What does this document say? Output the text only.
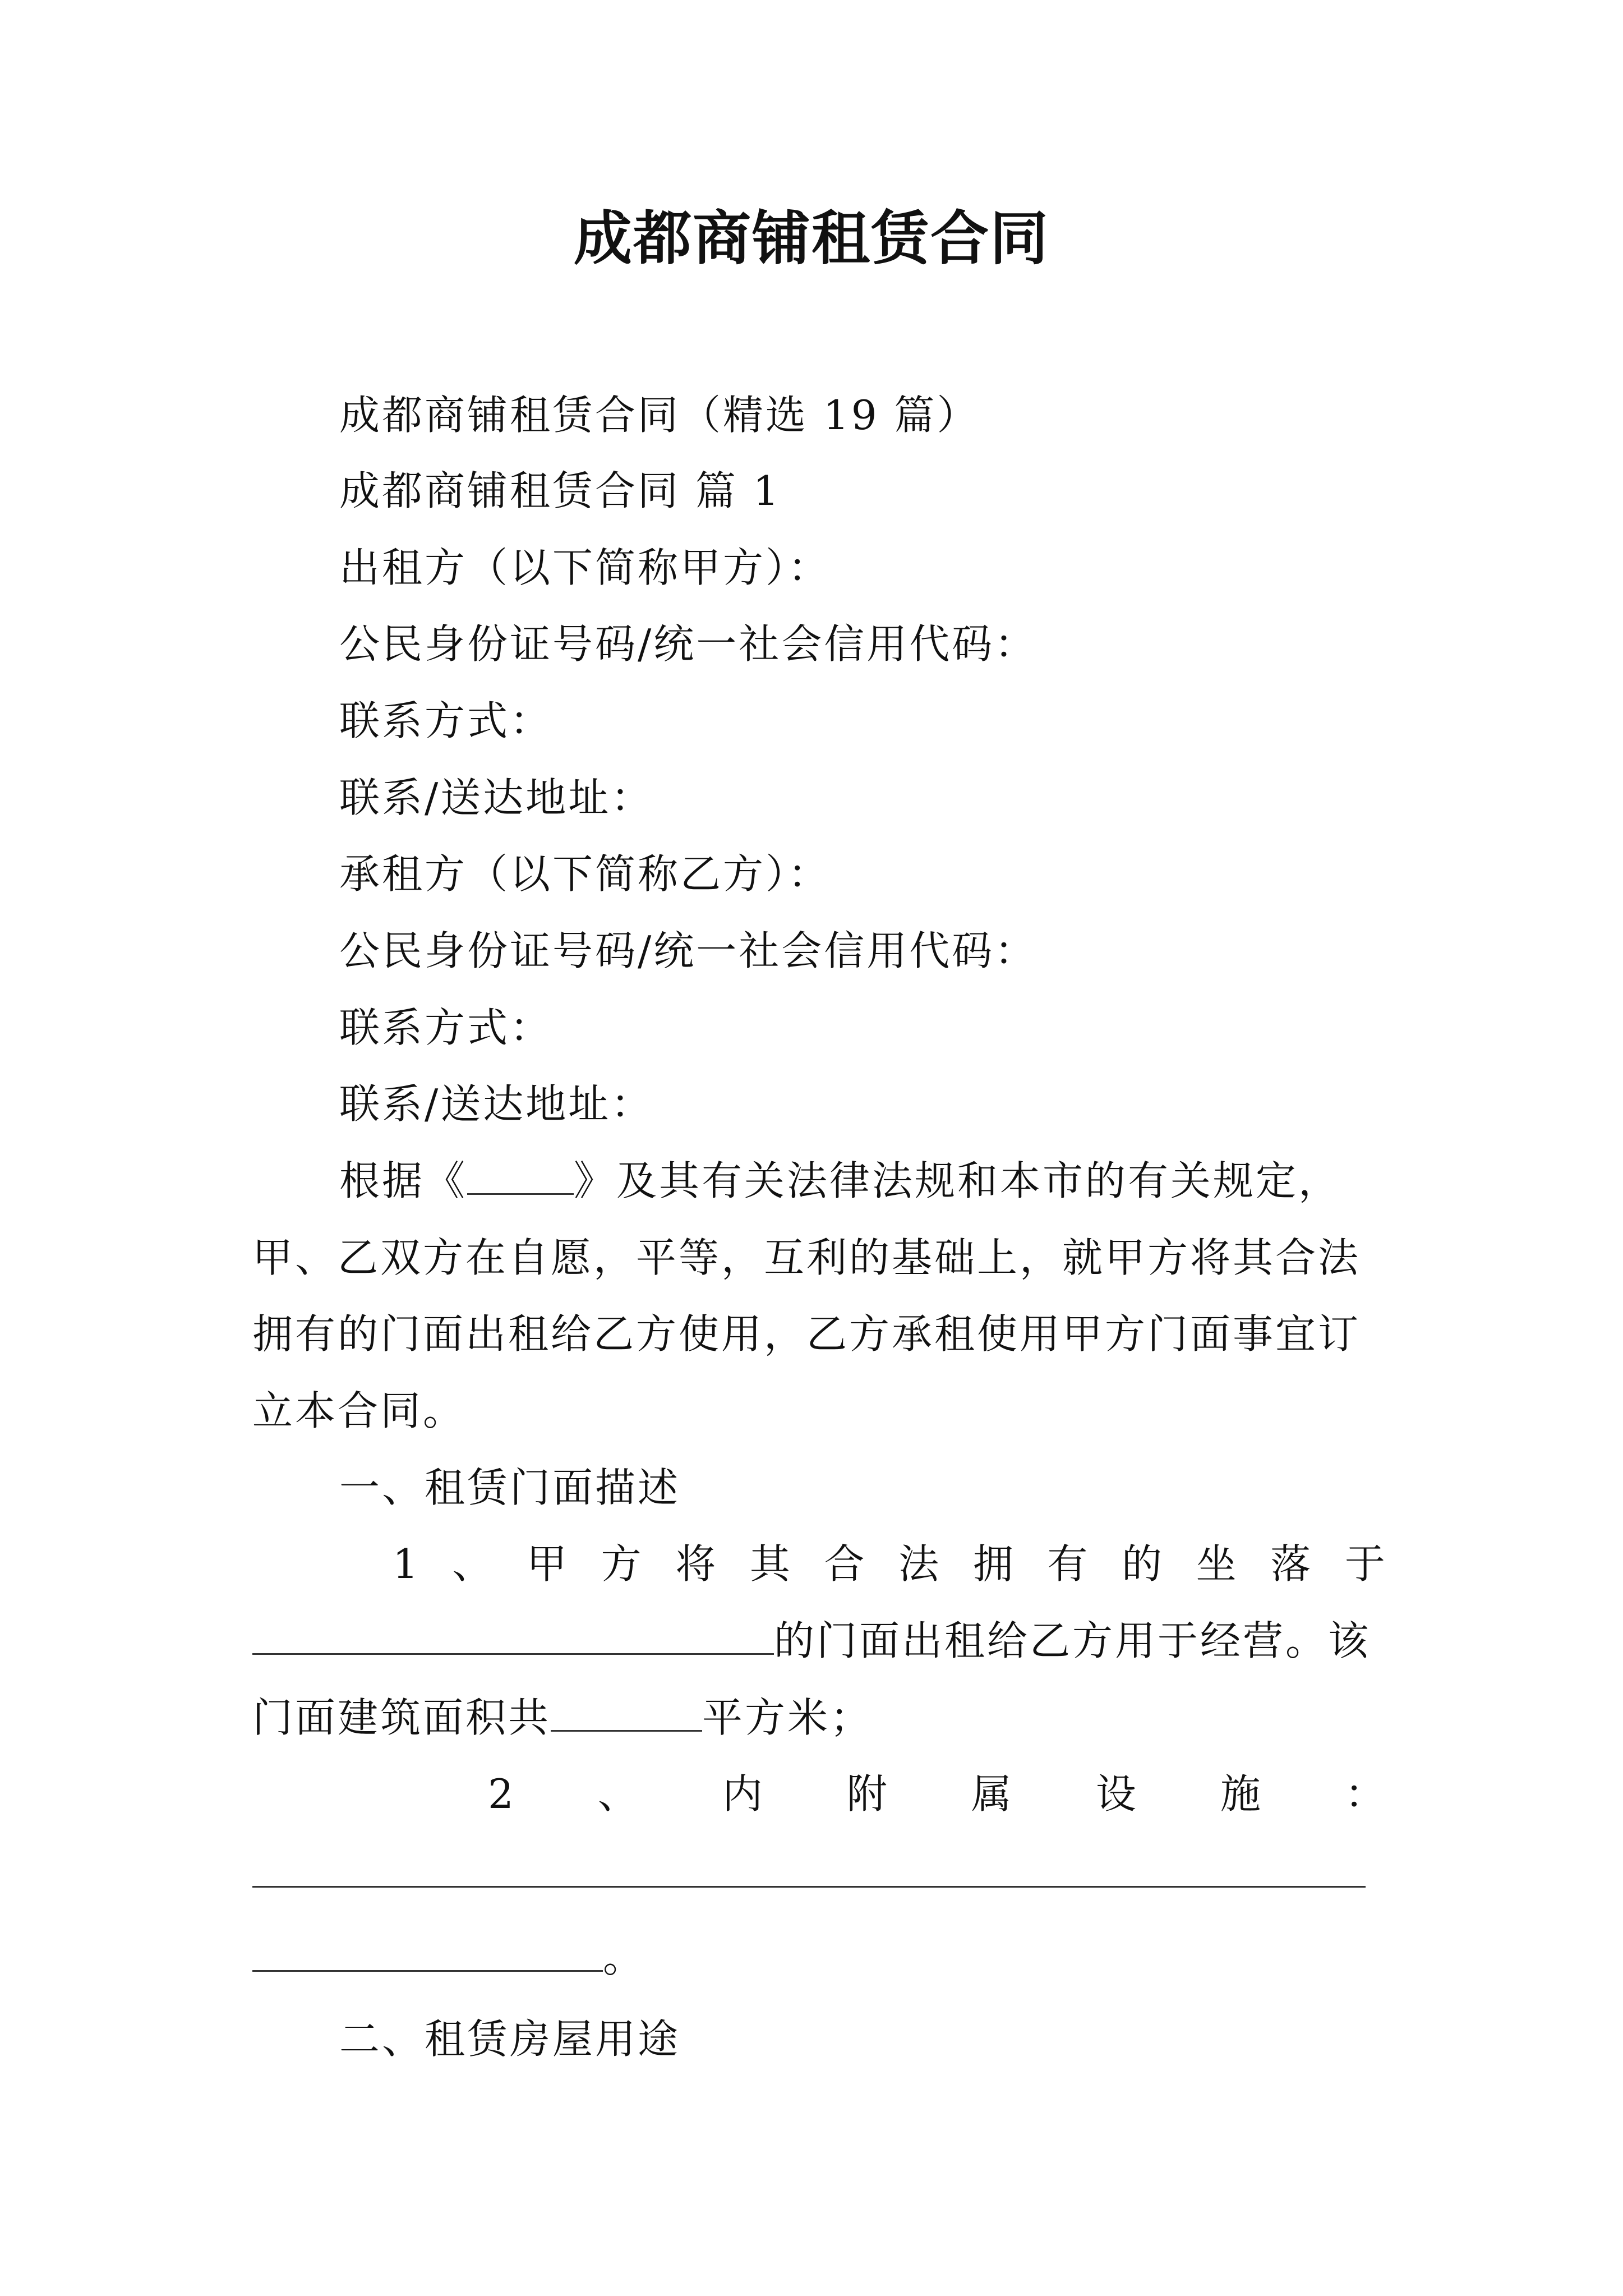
成都商铺租赁合同
成都商铺租赁合同（精选 19 篇）
成都商铺租赁合同 篇 1
出租方（以下简称甲方）：
公民身份证号码/统一社会信用代码：
联系方式：
联系/送达地址：
承租方（以下简称乙方）：
公民身份证号码/统一社会信用代码：
联系方式：
联系/送达地址：
根据《	》及其有关法律法规和本市的有关规定，
甲、乙双方在自愿，平等，互利的基础上，就甲方将其合法
拥有的门面出租给乙方使用，乙方承租使用甲方门面事宜订
立本合同。
一、租赁门面描述
1 、 甲 方 将 其 合 法 拥 有 的 坐 落 于
的门面出租给乙方用于经营。该
门面建筑面积共	平方米；
2 、 内 附 属 设 施 ：
。
二、租赁房屋用途
